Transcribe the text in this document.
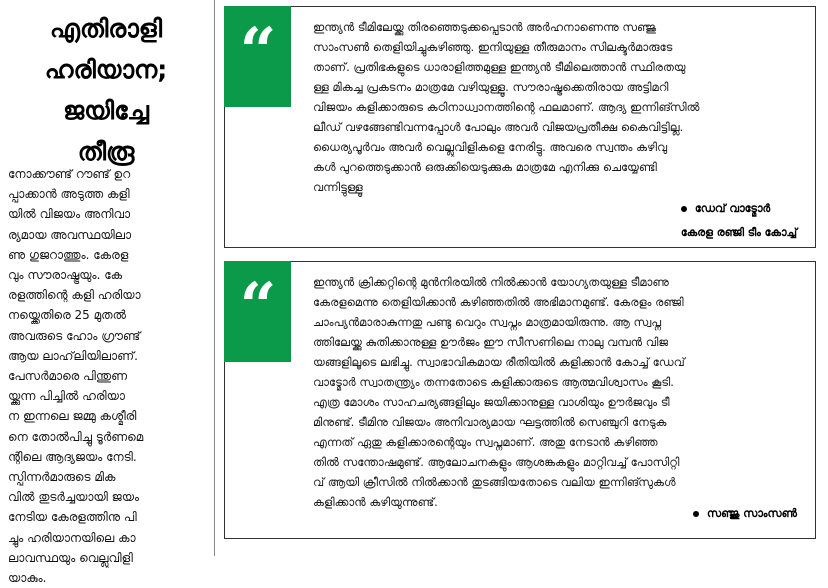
എതിരാളി
ഹരിയാന;
ജയിച്ചേ
തീരൂ
നോക്കൗണ്ട് റൗണ്ട് ഉറ
പ്പാക്കാൻ അടുത്ത കളി
യിൽ വിജയം അനിവാ
ര്യമായ അവസ്ഥയിലാ
ണു ഗുജറാത്തും. കേരള
വും സൗരാഷ്ട്രയും. കേ
രളത്തിന്റെ കളി ഹരിയാ
നയ്ക്കെതിരെ 25 മുതൽ
അവരുടെ ഹോം ഗ്രൗണ്ട്
ആയ ലാഹ്‌ലിയിലാണ്.
പേസർമാരെ പിന്തുണ
യ്ക്കുന്ന പിച്ചിൽ ഹരിയാ
ന ഇന്നലെ ജമ്മു കശ്മീരി
നെ തോൽപിച്ചു ടൂർണമെ
ന്റിലെ ആദ്യജയം നേടി.
സ്പിന്നർമാരുടെ മിക
വിൽ തുടർച്ചയായി ജയം
നേടിയ കേരളത്തിനു പി
ച്ചും ഹരിയാനയിലെ കാ
ലാവസ്ഥയും വെല്ലുവിളി
യാകും.
“	ഇന്ത്യൻ ടീമിലേയ്ക്കു തിരഞ്ഞെടുക്കപ്പെടാൻ അർഹനാണെന്നു സഞ്ജു
സാംസൺ തെളിയിച്ചുകഴിഞ്ഞു. ഇനിയുള്ള തീരുമാനം സിലക്ടർമാരുടേ
താണ്. പ്രതിഭകളുടെ ധാരാളിത്തമുള്ള ഇന്ത്യൻ ടീമിലെത്താൻ സ്ഥിരതയു
ള്ള മികച്ച പ്രകടനം മാത്രമേ വഴിയുള്ളൂ. സൗരാഷ്ട്രക്കെതിരായ അട്ടിമറി
വിജയം കളിക്കാരുടെ കഠിനാധ്വാനത്തിന്റെ ഫലമാണ്. ആദ്യ ഇന്നിങ്സിൽ
ലീഡ് വഴങ്ങേണ്ടിവന്നപ്പോൾ പോലും അവർ വിജയപ്രതീക്ഷ കൈവിട്ടില്ല.
ധൈര്യപൂർവം അവർ വെല്ലുവിളികളെ നേരിട്ടു. അവരെ സ്വന്തം കഴിവു
കൾ പുറത്തെടുക്കാൻ ഒരുക്കിയെടുക്കുക മാത്രമേ എനിക്കു ചെയ്യേണ്ടി
വന്നിട്ടുള്ളൂ
ഡേവ് വാട്മോർ
കേരള രഞ്ജി ടീം കോച്ച്
“	ഇന്ത്യൻ ക്രിക്കറ്റിന്റെ മുൻനിരയിൽ നിൽക്കാൻ യോഗ്യതയുള്ള ടീമാണു
കേരളമെന്നു തെളിയിക്കാൻ കഴിഞ്ഞതിൽ അഭിമാനമുണ്ട്. കേരളം രഞ്ജി
ചാംപ്യൻമാരാകുന്നതു പണ്ടു വെറും സ്വപ്നം മാത്രമായിരുന്നു. ആ സ്വപ്ന
ത്തിലേയ്ക്കു കുതിക്കാനുള്ള ഊർജം ഈ സീസണിലെ നാലു വമ്പൻ വിജ
യങ്ങളിലൂടെ ലഭിച്ചു. സ്വാഭാവികമായ രീതിയിൽ കളിക്കാൻ കോച്ച് ഡേവ്
വാട്മോർ സ്വാതന്ത്ര്യം തന്നതോടെ കളിക്കാരുടെ ആത്മവിശ്വാസം കൂടി.
എത്ര മോശം സാഹചര്യങ്ങളിലും ജയിക്കാനുള്ള വാശിയും ഊർജവും ടീ
മിനുണ്ട്. ടീമിനു വിജയം അനിവാര്യമായ ഘട്ടത്തിൽ സെഞ്ചുറി നേടുക
എന്നത് ഏതു കളിക്കാരന്റെയും സ്വപ്നമാണ്. അതു നേടാൻ കഴിഞ്ഞ
തിൽ സന്തോഷമുണ്ട്. ആലോചനകളും ആശങ്കകളും മാറ്റിവച്ച് പോസിറ്റി
വ് ആയി ക്രീസിൽ നിൽക്കാൻ തുടങ്ങിയതോടെ വലിയ ഇന്നിങ്സുകൾ
കളിക്കാൻ കഴിയുന്നുണ്ട്.
സഞ്ജു സാംസൺ
